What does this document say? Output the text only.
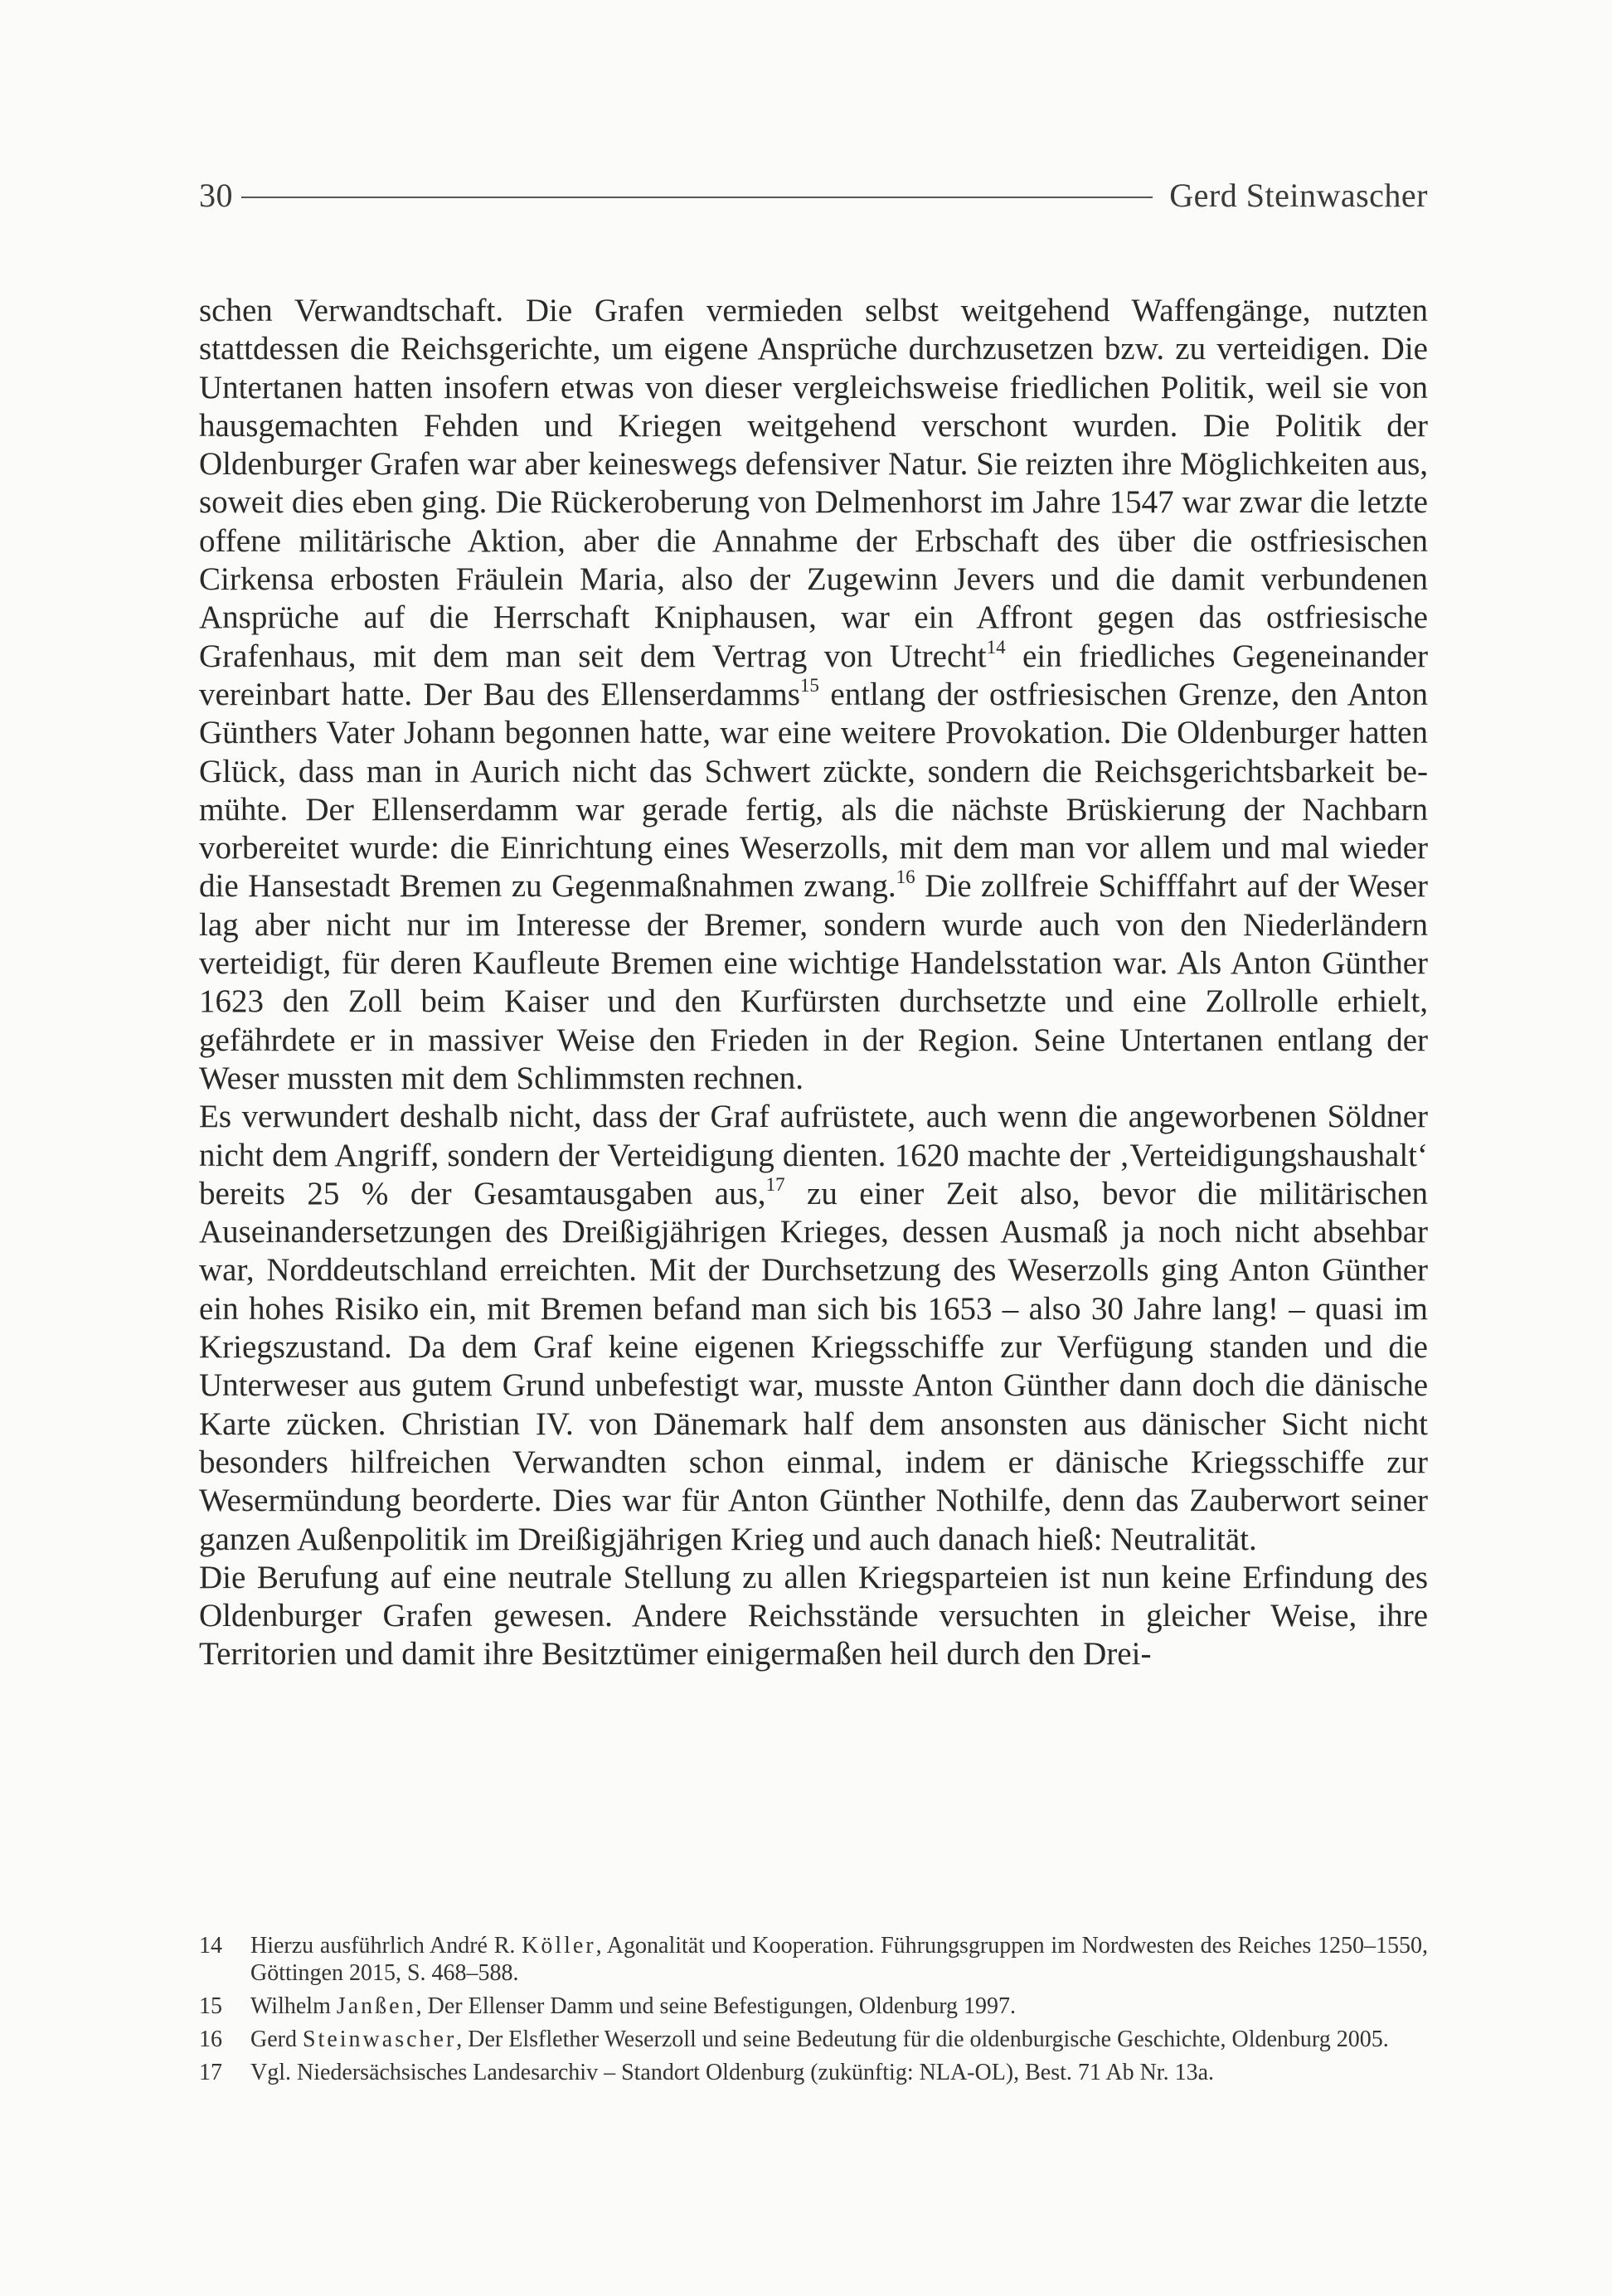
30	Gerd Steinwascher

schen Verwandtschaft. Die Grafen vermieden selbst weitgehend Waffengänge, nutzten stattdessen die Reichsgerichte, um eigene Ansprüche durchzusetzen bzw. zu verteidigen. Die Untertanen hatten insofern etwas von dieser vergleichsweise friedlichen Politik, weil sie von hausgemachten Fehden und Kriegen weitgehend verschont wurden. Die Politik der Oldenburger Grafen war aber keineswegs defensiver Natur. Sie reizten ihre Möglichkeiten aus, soweit dies eben ging. Die Rückeroberung von Delmenhorst im Jahre 1547 war zwar die letzte offene militärische Aktion, aber die Annahme der Erbschaft des über die ostfriesischen Cirkensa erbosten Fräulein Maria, also der Zugewinn Jevers und die damit verbundenen Ansprüche auf die Herrschaft Kniphausen, war ein Affront gegen das ostfriesische Grafenhaus, mit dem man seit dem Vertrag von Utrecht$^{14}$ ein friedliches Gegeneinander vereinbart hatte. Der Bau des Ellenserdamms$^{15}$ entlang der ostfriesischen Grenze, den Anton Günthers Vater Johann begonnen hatte, war eine weitere Provokation. Die Oldenburger hatten Glück, dass man in Aurich nicht das Schwert zückte, sondern die Reichsgerichtsbarkeit bemühte. Der Ellenserdamm war gerade fertig, als die nächste Brüskierung der Nachbarn vorbereitet wurde: die Einrichtung eines Weserzolls, mit dem man vor allem und mal wieder die Hansestadt Bremen zu Gegenmaßnahmen zwang.$^{16}$ Die zollfreie Schifffahrt auf der Weser lag aber nicht nur im Interesse der Bremer, sondern wurde auch von den Niederländern verteidigt, für deren Kaufleute Bremen eine wichtige Handelsstation war. Als Anton Günther 1623 den Zoll beim Kaiser und den Kurfürsten durchsetzte und eine Zollrolle erhielt, gefährdete er in massiver Weise den Frieden in der Region. Seine Untertanen entlang der Weser mussten mit dem Schlimmsten rechnen.

Es verwundert deshalb nicht, dass der Graf aufrüstete, auch wenn die angeworbenen Söldner nicht dem Angriff, sondern der Verteidigung dienten. 1620 machte der ‚Verteidigungshaushalt‘ bereits 25 % der Gesamtausgaben aus,$^{17}$ zu einer Zeit also, bevor die militärischen Auseinandersetzungen des Dreißigjährigen Krieges, dessen Ausmaß ja noch nicht absehbar war, Norddeutschland erreichten. Mit der Durchsetzung des Weserzolls ging Anton Günther ein hohes Risiko ein, mit Bremen befand man sich bis 1653 – also 30 Jahre lang! – quasi im Kriegszustand. Da dem Graf keine eigenen Kriegsschiffe zur Verfügung standen und die Unterweser aus gutem Grund unbefestigt war, musste Anton Günther dann doch die dänische Karte zücken. Christian IV. von Dänemark half dem ansonsten aus dänischer Sicht nicht besonders hilfreichen Verwandten schon einmal, indem er dänische Kriegsschiffe zur Wesermündung beorderte. Dies war für Anton Günther Nothilfe, denn das Zauberwort seiner ganzen Außenpolitik im Dreißigjährigen Krieg und auch danach hieß: Neutralität.

Die Berufung auf eine neutrale Stellung zu allen Kriegsparteien ist nun keine Erfindung des Oldenburger Grafen gewesen. Andere Reichsstände versuchten in gleicher Weise, ihre Territorien und damit ihre Besitztümer einigermaßen heil durch den Drei-

14	Hierzu ausführlich André R. Köller, Agonalität und Kooperation. Führungsgruppen im Nordwesten des Reiches 1250–1550, Göttingen 2015, S. 468–588.
15	Wilhelm Janßen, Der Ellenser Damm und seine Befestigungen, Oldenburg 1997.
16	Gerd Steinwascher, Der Elsflether Weserzoll und seine Bedeutung für die oldenburgische Geschichte, Oldenburg 2005.
17	Vgl. Niedersächsisches Landesarchiv – Standort Oldenburg (zukünftig: NLA-OL), Best. 71 Ab Nr. 13a.
